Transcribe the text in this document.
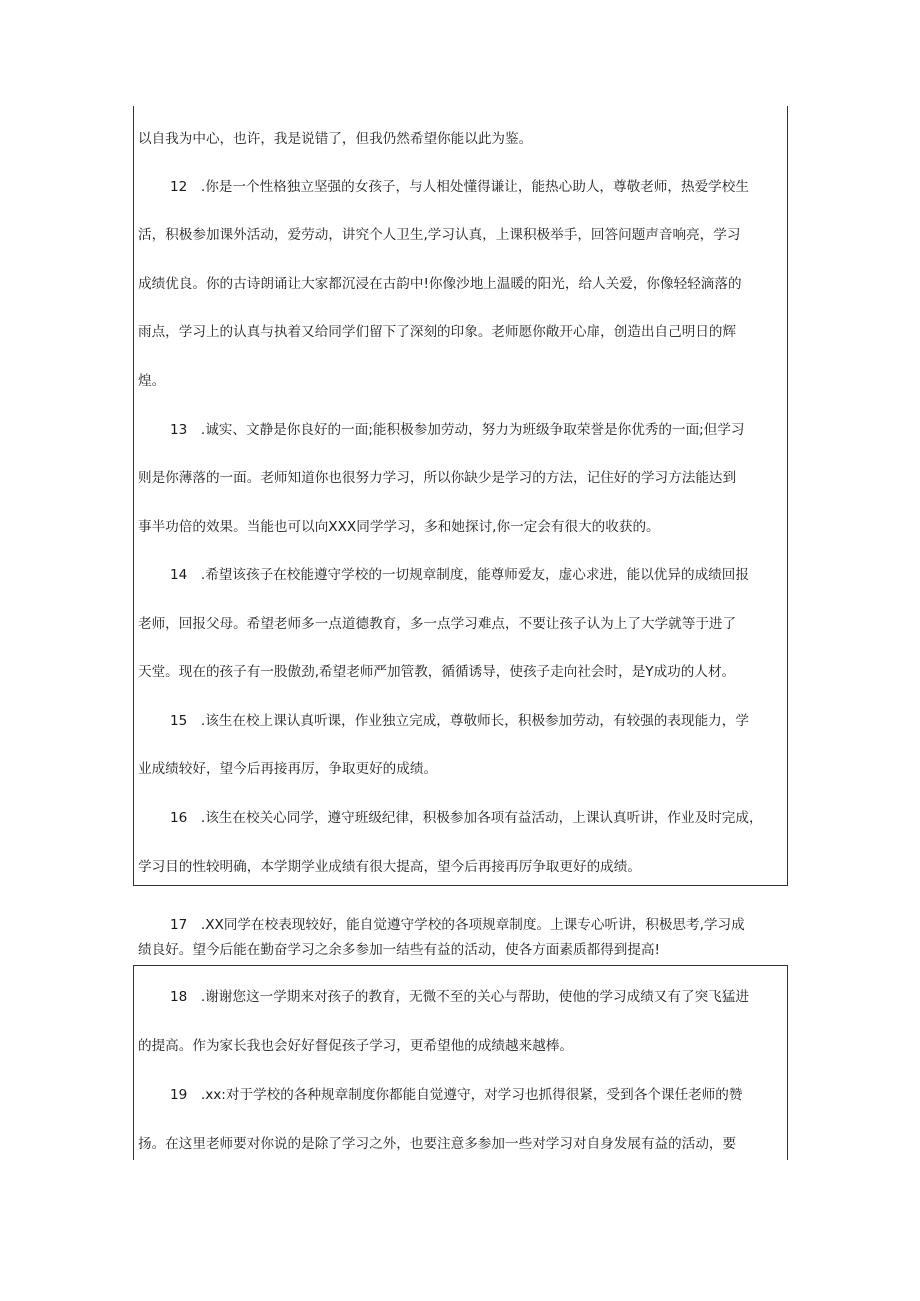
以自我为中心，也许，我是说错了，但我仍然希望你能以此为鉴。
12　.你是一个性格独立坚强的女孩子，与人相处懂得谦让，能热心助人，尊敬老师，热爱学校生
活，积极参加课外活动，爱劳动，讲究个人卫生,学习认真，上课积极举手，回答问题声音响亮，学习
成绩优良。你的古诗朗诵让大家都沉浸在古韵中!你像沙地上温暖的阳光，给人关爱，你像轻轻滴落的
雨点，学习上的认真与执着又给同学们留下了深刻的印象。老师愿你敞开心扉，创造出自己明日的辉
煌。
13　.诚实、文静是你良好的一面;能积极参加劳动，努力为班级争取荣誉是你优秀的一面;但学习
则是你薄落的一面。老师知道你也很努力学习，所以你缺少是学习的方法，记住好的学习方法能达到
事半功倍的效果。当能也可以向XXX同学学习，多和她探讨,你一定会有很大的收获的。
14　.希望该孩子在校能遵守学校的一切规章制度，能尊师爱友，虚心求进，能以优异的成绩回报
老师，回报父母。希望老师多一点道德教育，多一点学习难点，不要让孩子认为上了大学就等于进了
天堂。现在的孩子有一股傲劲,希望老师严加管教，循循诱导，使孩子走向社会时，是Y成功的人材。
15　.该生在校上课认真听课，作业独立完成，尊敬师长，积极参加劳动，有较强的表现能力，学
业成绩较好，望今后再接再厉，争取更好的成绩。
16　.该生在校关心同学，遵守班级纪律，积极参加各项有益活动，上课认真听讲，作业及时完成，
学习目的性较明确，本学期学业成绩有很大提高，望今后再接再厉争取更好的成绩。
17　.XX同学在校表现较好，能自觉遵守学校的各项规章制度。上课专心听讲，积极思考,学习成
绩良好。望今后能在勤奋学习之余多参加一结些有益的活动，使各方面素质都得到提高!
18　.谢谢您这一学期来对孩子的教育，无微不至的关心与帮助，使他的学习成绩又有了突飞猛进
的提高。作为家长我也会好好督促孩子学习，更希望他的成绩越来越棒。
19　.xx:对于学校的各种规章制度你都能自觉遵守，对学习也抓得很紧，受到各个课任老师的赞
扬。在这里老师要对你说的是除了学习之外，也要注意多参加一些对学习对自身发展有益的活动，要
